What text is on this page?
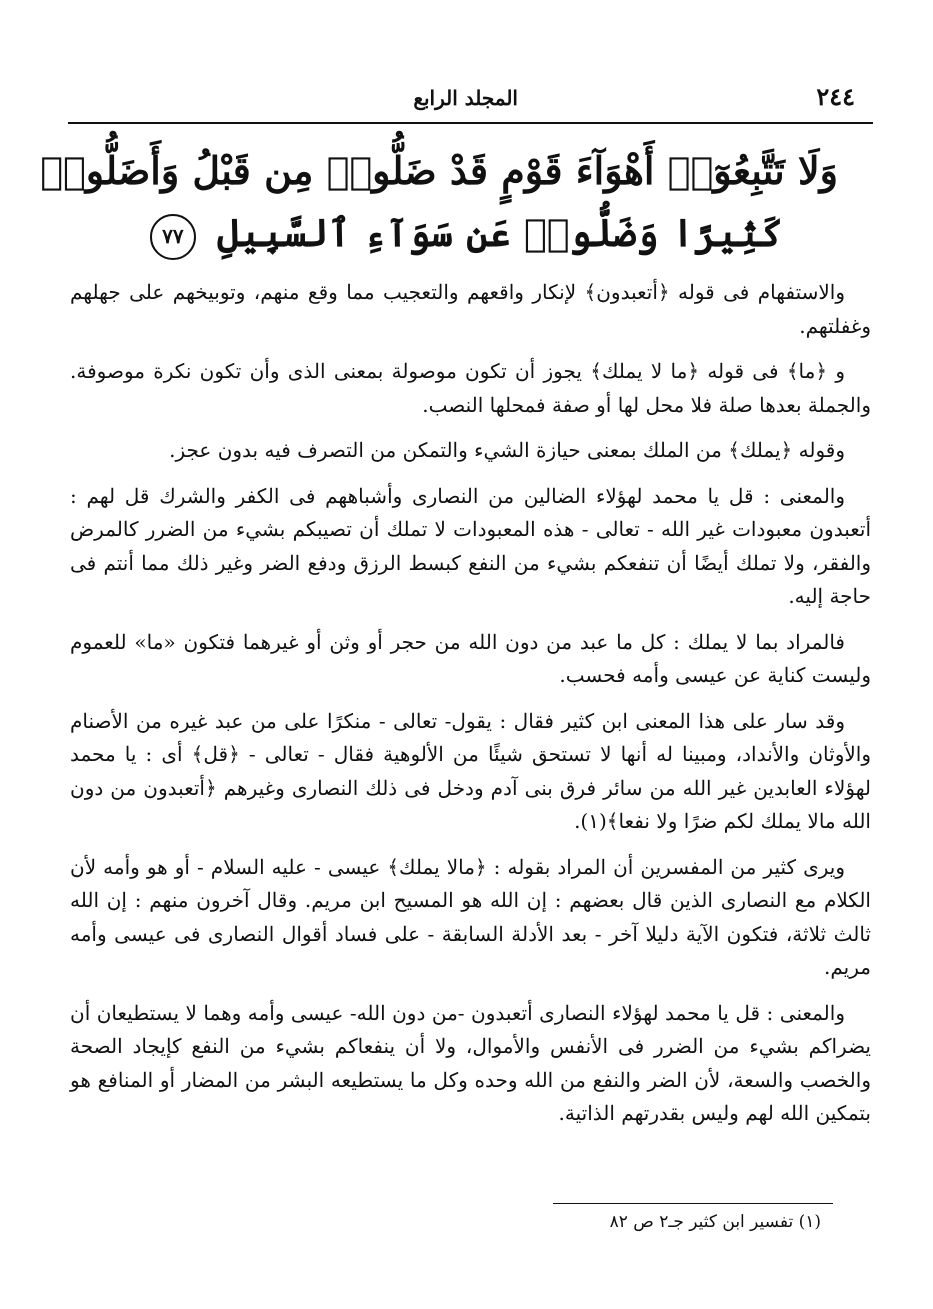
٢٤٤
المجلد الرابع
وَلَا تَتَّبِعُوٓا۟ أَهْوَآءَ قَوْمٍ قَدْ ضَلُّوا۟ مِن قَبْلُ وَأَضَلُّوا۟
كَثِيرًا وَضَلُّوا۟ عَن سَوَآءِ ٱلسَّبِيلِ ٧٧

والاستفهام فى قوله ﴿أتعبدون﴾ لإنكار واقعهم والتعجيب مما وقع منهم، وتوبيخهم على جهلهم وغفلتهم.

و ﴿ما﴾ فى قوله ﴿ما لا يملك﴾ يجوز أن تكون موصولة بمعنى الذى وأن تكون نكرة موصوفة. والجملة بعدها صلة فلا محل لها أو صفة فمحلها النصب.

وقوله ﴿يملك﴾ من الملك بمعنى حيازة الشيء والتمكن من التصرف فيه بدون عجز.

والمعنى : قل يا محمد لهؤلاء الضالين من النصارى وأشباههم فى الكفر والشرك قل لهم : أتعبدون معبودات غير الله - تعالى - هذه المعبودات لا تملك أن تصيبكم بشيء من الضرر كالمرض والفقر، ولا تملك أيضًا أن تنفعكم بشيء من النفع كبسط الرزق ودفع الضر وغير ذلك مما أنتم فى حاجة إليه.

فالمراد بما لا يملك : كل ما عبد من دون الله من حجر أو وثن أو غيرهما فتكون «ما» للعموم وليست كناية عن عيسى وأمه فحسب.

وقد سار على هذا المعنى ابن كثير فقال : يقول- تعالى - منكرًا على من عبد غيره من الأصنام والأوثان والأنداد، ومبينا له أنها لا تستحق شيئًا من الألوهية فقال - تعالى - ﴿قل﴾ أى : يا محمد لهؤلاء العابدين غير الله من سائر فرق بنى آدم ودخل فى ذلك النصارى وغيرهم ﴿أتعبدون من دون الله مالا يملك لكم ضرًا ولا نفعا﴾(١).

ويرى كثير من المفسرين أن المراد بقوله : ﴿مالا يملك﴾ عيسى - عليه السلام - أو هو وأمه لأن الكلام مع النصارى الذين قال بعضهم : إن الله هو المسيح ابن مريم. وقال آخرون منهم : إن الله ثالث ثلاثة، فتكون الآية دليلا آخر - بعد الأدلة السابقة - على فساد أقوال النصارى فى عيسى وأمه مريم.

والمعنى : قل يا محمد لهؤلاء النصارى أتعبدون -من دون الله- عيسى وأمه وهما لا يستطيعان أن يضراكم بشيء من الضرر فى الأنفس والأموال، ولا أن ينفعاكم بشيء من النفع كإيجاد الصحة والخصب والسعة، لأن الضر والنفع من الله وحده وكل ما يستطيعه البشر من المضار أو المنافع هو بتمكين الله لهم وليس بقدرتهم الذاتية.

(١) تفسير ابن كثير جـ٢ ص ٨٢
